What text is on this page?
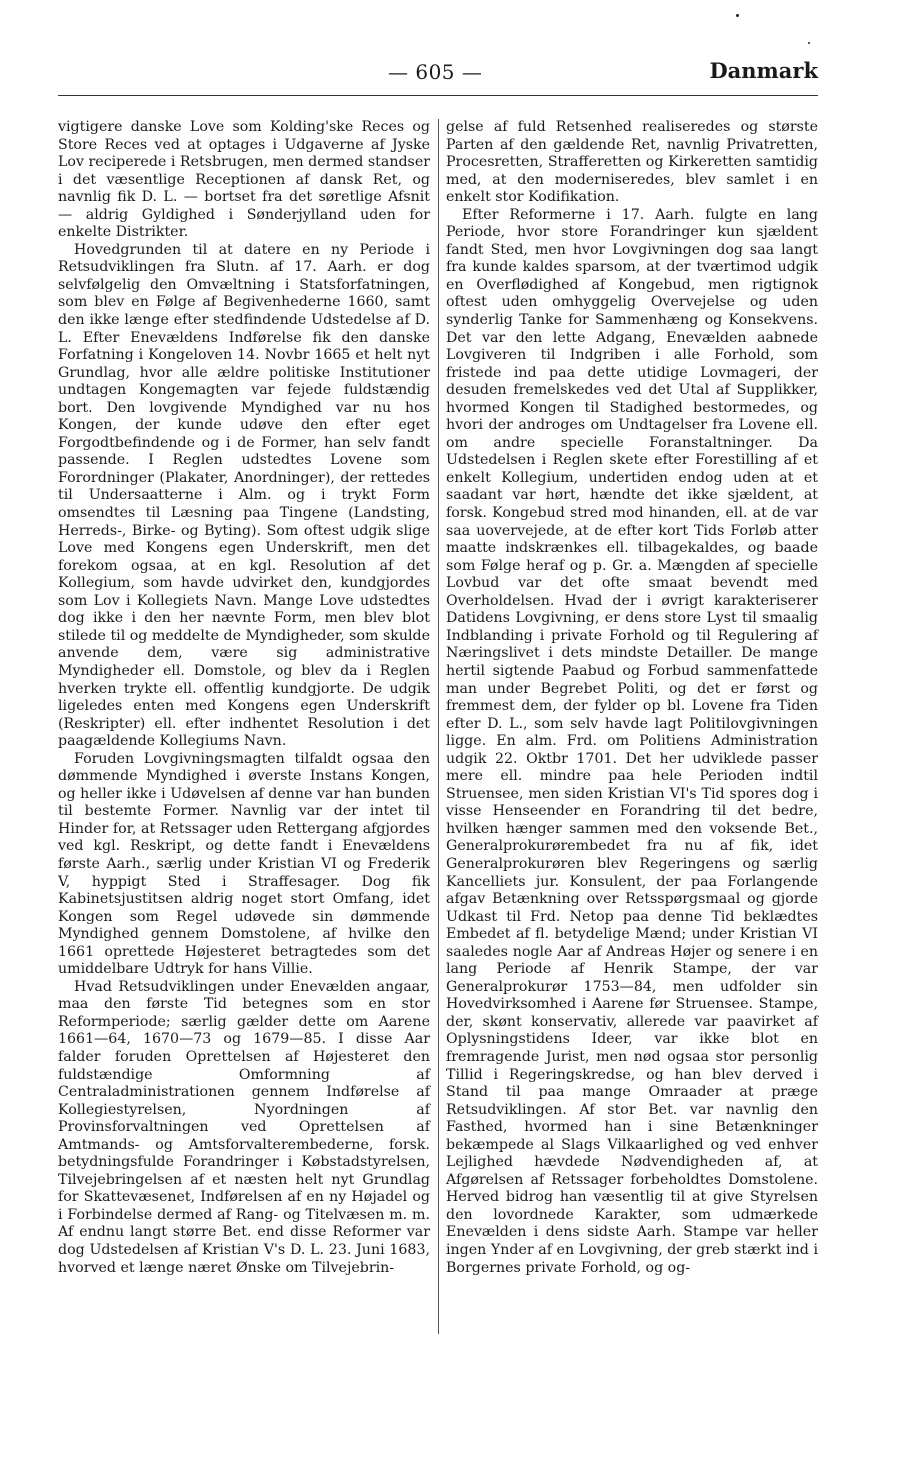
— 605 —	Danmark

vigtigere danske Love som Kolding'ske Reces og Store Reces ved at optages i Udgaverne af Jyske Lov reciperede i Retsbrugen, men dermed standser i det væsentlige Receptionen af dansk Ret, og navnlig fik D. L. — bortset fra det søretlige Afsnit — aldrig Gyldighed i Sønderjylland uden for enkelte Distrikter.

Hovedgrunden til at datere en ny Periode i Retsudviklingen fra Slutn. af 17. Aarh. er dog selvfølgelig den Omvæltning i Statsforfatningen, som blev en Følge af Begivenhederne 1660, samt den ikke længe efter stedfindende Udstedelse af D. L. Efter Enevældens Indførelse fik den danske Forfatning i Kongeloven 14. Novbr 1665 et helt nyt Grundlag, hvor alle ældre politiske Institutioner undtagen Kongemagten var fejede fuldstændig bort. Den lovgivende Myndighed var nu hos Kongen, der kunde udøve den efter eget Forgodtbefindende og i de Former, han selv fandt passende. I Reglen udstedtes Lovene som Forordninger (Plakater, Anordninger), der rettedes til Undersaatterne i Alm. og i trykt Form omsendtes til Læsning paa Tingene (Landsting, Herreds-, Birke- og Byting). Som oftest udgik slige Love med Kongens egen Underskrift, men det forekom ogsaa, at en kgl. Resolution af det Kollegium, som havde udvirket den, kundgjordes som Lov i Kollegiets Navn. Mange Love udstedtes dog ikke i den her nævnte Form, men blev blot stilede til og meddelte de Myndigheder, som skulde anvende dem, være sig administrative Myndigheder ell. Domstole, og blev da i Reglen hverken trykte ell. offentlig kundgjorte. De udgik ligeledes enten med Kongens egen Underskrift (Reskripter) ell. efter indhentet Resolution i det paagældende Kollegiums Navn.

Foruden Lovgivningsmagten tilfaldt ogsaa den dømmende Myndighed i øverste Instans Kongen, og heller ikke i Udøvelsen af denne var han bunden til bestemte Former. Navnlig var der intet til Hinder for, at Retssager uden Rettergang afgjordes ved kgl. Reskript, og dette fandt i Enevældens første Aarh., særlig under Kristian VI og Frederik V, hyppigt Sted i Straffesager. Dog fik Kabinetsjustitsen aldrig noget stort Omfang, idet Kongen som Regel udøvede sin dømmende Myndighed gennem Domstolene, af hvilke den 1661 oprettede Højesteret betragtedes som det umiddelbare Udtryk for hans Villie.

Hvad Retsudviklingen under Enevælden angaar, maa den første Tid betegnes som en stor Reformperiode; særlig gælder dette om Aarene 1661—64, 1670—73 og 1679—85. I disse Aar falder foruden Oprettelsen af Højesteret den fuldstændige Omformning af Centraladministrationen gennem Indførelse af Kollegiestyrelsen, Nyordningen af Provinsforvaltningen ved Oprettelsen af Amtmands- og Amtsforvalterembederne, forsk. betydningsfulde Forandringer i Købstadstyrelsen, Tilvejebringelsen af et næsten helt nyt Grundlag for Skattevæsenet, Indførelsen af en ny Højadel og i Forbindelse dermed af Rang- og Titelvæsen m. m. Af endnu langt større Bet. end disse Reformer var dog Udstedelsen af Kristian V's D. L. 23. Juni 1683, hvorved et længe næret Ønske om Tilvejebrin-

gelse af fuld Retsenhed realiseredes og største Parten af den gældende Ret, navnlig Privatretten, Procesretten, Strafferetten og Kirkeretten samtidig med, at den moderniseredes, blev samlet i en enkelt stor Kodifikation.

Efter Reformerne i 17. Aarh. fulgte en lang Periode, hvor store Forandringer kun sjældent fandt Sted, men hvor Lovgivningen dog saa langt fra kunde kaldes sparsom, at der tværtimod udgik en Overflødighed af Kongebud, men rigtignok oftest uden omhyggelig Overvejelse og uden synderlig Tanke for Sammenhæng og Konsekvens. Det var den lette Adgang, Enevælden aabnede Lovgiveren til Indgriben i alle Forhold, som fristede ind paa dette utidige Lovmageri, der desuden fremelskedes ved det Utal af Supplikker, hvormed Kongen til Stadighed bestormedes, og hvori der androges om Undtagelser fra Lovene ell. om andre specielle Foranstaltninger. Da Udstedelsen i Reglen skete efter Forestilling af et enkelt Kollegium, undertiden endog uden at et saadant var hørt, hændte det ikke sjældent, at forsk. Kongebud stred mod hinanden, ell. at de var saa uovervejede, at de efter kort Tids Forløb atter maatte indskrænkes ell. tilbagekaldes, og baade som Følge heraf og p. Gr. a. Mængden af specielle Lovbud var det ofte smaat bevendt med Overholdelsen. Hvad der i øvrigt karakteriserer Datidens Lovgivning, er dens store Lyst til smaalig Indblanding i private Forhold og til Regulering af Næringslivet i dets mindste Detailler. De mange hertil sigtende Paabud og Forbud sammenfattede man under Begrebet Politi, og det er først og fremmest dem, der fylder op bl. Lovene fra Tiden efter D. L., som selv havde lagt Politilovgivningen ligge. En alm. Frd. om Politiens Administration udgik 22. Oktbr 1701. Det her udviklede passer mere ell. mindre paa hele Perioden indtil Struensee, men siden Kristian VI's Tid spores dog i visse Henseender en Forandring til det bedre, hvilken hænger sammen med den voksende Bet., Generalprokurørembedet fra nu af fik, idet Generalprokurøren blev Regeringens og særlig Kancelliets jur. Konsulent, der paa Forlangende afgav Betænkning over Retsspørgsmaal og gjorde Udkast til Frd. Netop paa denne Tid beklædtes Embedet af fl. betydelige Mænd; under Kristian VI saaledes nogle Aar af Andreas Højer og senere i en lang Periode af Henrik Stampe, der var Generalprokurør 1753—84, men udfolder sin Hovedvirksomhed i Aarene før Struensee. Stampe, der, skønt konservativ, allerede var paavirket af Oplysningstidens Ideer, var ikke blot en fremragende Jurist, men nød ogsaa stor personlig Tillid i Regeringskredse, og han blev derved i Stand til paa mange Omraader at præge Retsudviklingen. Af stor Bet. var navnlig den Fasthed, hvormed han i sine Betænkninger bekæmpede al Slags Vilkaarlighed og ved enhver Lejlighed hævdede Nødvendigheden af, at Afgørelsen af Retssager forbeholdtes Domstolene. Herved bidrog han væsentlig til at give Styrelsen den lovordnede Karakter, som udmærkede Enevælden i dens sidste Aarh. Stampe var heller ingen Ynder af en Lovgivning, der greb stærkt ind i Borgernes private Forhold, og og-
